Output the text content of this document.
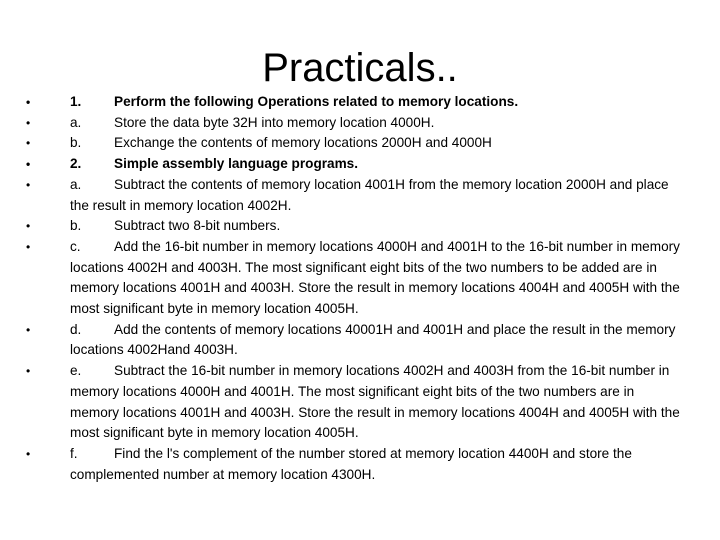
Practicals..
•	1. Perform the following Operations related to memory locations.
•	a. Store the data byte 32H into memory location 4000H.
•	b. Exchange the contents of memory locations 2000H and 4000H
•	2. Simple assembly language programs.
•	a. Subtract the contents of memory location 4001H from the memory location 2000H and place the result in memory location 4002H.
•	b. Subtract two 8-bit numbers.
•	c. Add the 16-bit number in memory locations 4000H and 4001H to the 16-bit number in memory locations 4002H and 4003H. The most significant eight bits of the two numbers to be added are in memory locations 4001H and 4003H. Store the result in memory locations 4004H and 4005H with the most significant byte in memory location 4005H.
•	d. Add the contents of memory locations 40001H and 4001H and place the result in the memory locations 4002Hand 4003H.
•	e. Subtract the 16-bit number in memory locations 4002H and 4003H from the 16-bit number in memory locations 4000H and 4001H. The most significant eight bits of the two numbers are in memory locations 4001H and 4003H. Store the result in memory locations 4004H and 4005H with the most significant byte in memory location 4005H.
•	f.	Find the l's complement of the number stored at memory location 4400H and store the complemented number at memory location 4300H.
